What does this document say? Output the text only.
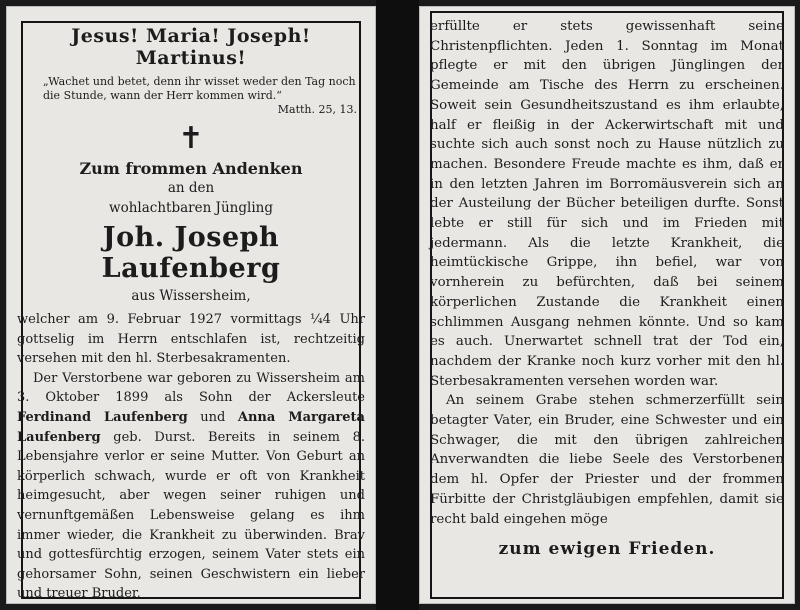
Jesus! Maria! Joseph! Martinus!
„Wachet und betet, denn ihr wisset weder den Tag noch die Stunde, wann der Herr kommen wird.“
Matth. 25, 13.
✝
Zum frommen Andenken
an den
wohlachtbaren Jüngling
Joh. Joseph Laufenberg
aus Wissersheim,

welcher am 9. Februar 1927 vormittags ¼4 Uhr gottselig im Herrn entschlafen ist, rechtzeitig versehen mit den hl. Sterbesakramenten.

Der Verstorbene war geboren zu Wissersheim am 3. Oktober 1899 als Sohn der Ackersleute Ferdinand Laufenberg und Anna Margareta Laufenberg geb. Durst. Bereits in seinem 8. Lebensjahre verlor er seine Mutter. Von Geburt an körperlich schwach, wurde er oft von Krankheit heimgesucht, aber wegen seiner ruhigen und vernunftgemäßen Lebensweise gelang es ihm immer wieder, die Krankheit zu überwinden. Brav und gottesfürchtig erzogen, seinem Vater stets ein gehorsamer Sohn, seinen Geschwistern ein lieber und treuer Bruder,

erfüllte er stets gewissenhaft seine Christenpflichten. Jeden 1. Sonntag im Monat pflegte er mit den übrigen Jünglingen der Gemeinde am Tische des Herrn zu erscheinen. Soweit sein Gesundheitszustand es ihm erlaubte, half er fleißig in der Ackerwirtschaft mit und suchte sich auch sonst noch zu Hause nützlich zu machen. Besondere Freude machte es ihm, daß er in den letzten Jahren im Borromäusverein sich an der Austeilung der Bücher beteiligen durfte. Sonst lebte er still für sich und im Frieden mit jedermann. Als die letzte Krankheit, die heimtückische Grippe, ihn befiel, war von vornherein zu befürchten, daß bei seinem körperlichen Zustande die Krankheit einen schlimmen Ausgang nehmen könnte. Und so kam es auch. Unerwartet schnell trat der Tod ein, nachdem der Kranke noch kurz vorher mit den hl. Sterbesakramenten versehen worden war.

An seinem Grabe stehen schmerzerfüllt sein betagter Vater, ein Bruder, eine Schwester und ein Schwager, die mit den übrigen zahlreichen Anverwandten die liebe Seele des Verstorbenen dem hl. Opfer der Priester und der frommen Fürbitte der Christgläubigen empfehlen, damit sie recht bald eingehen möge

zum ewigen Frieden.
